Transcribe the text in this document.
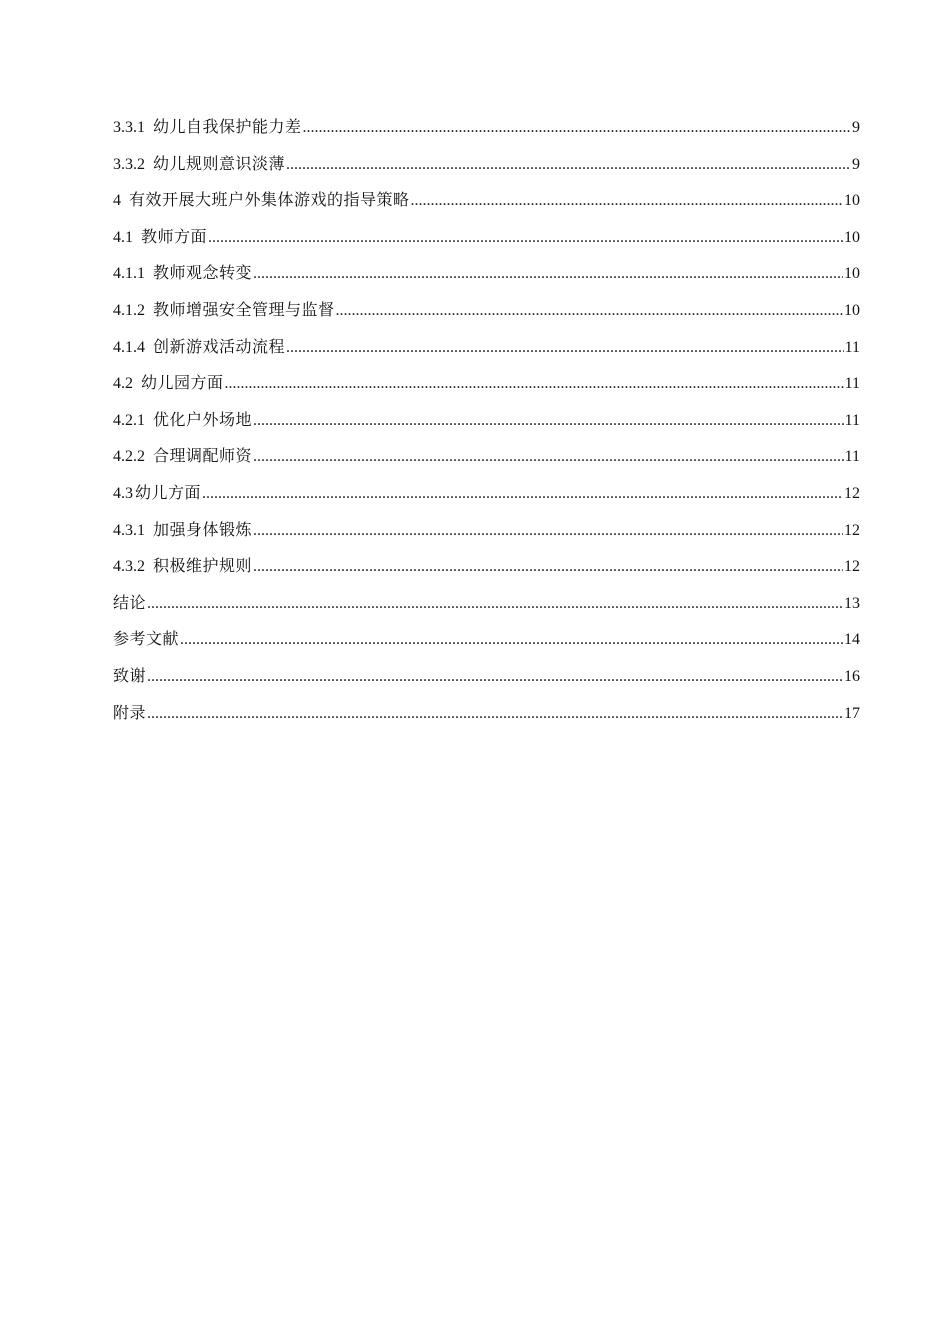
3.3.1 幼儿自我保护能力差 .....	9
3.3.2 幼儿规则意识淡薄 .....	9
4 有效开展大班户外集体游戏的指导策略 .....	10
4.1 教师方面 .....	10
4.1.1 教师观念转变 .....	10
4.1.2 教师增强安全管理与监督 .....	10
4.1.4 创新游戏活动流程 .....	11
4.2 幼儿园方面 .....	11
4.2.1 优化户外场地 .....	11
4.2.2 合理调配师资 .....	11
4.3 幼儿方面 .....	12
4.3.1 加强身体锻炼 .....	12
4.3.2 积极维护规则 .....	12
结论 .....	13
参考文献 .....	14
致谢 .....	16
附录 .....	17
